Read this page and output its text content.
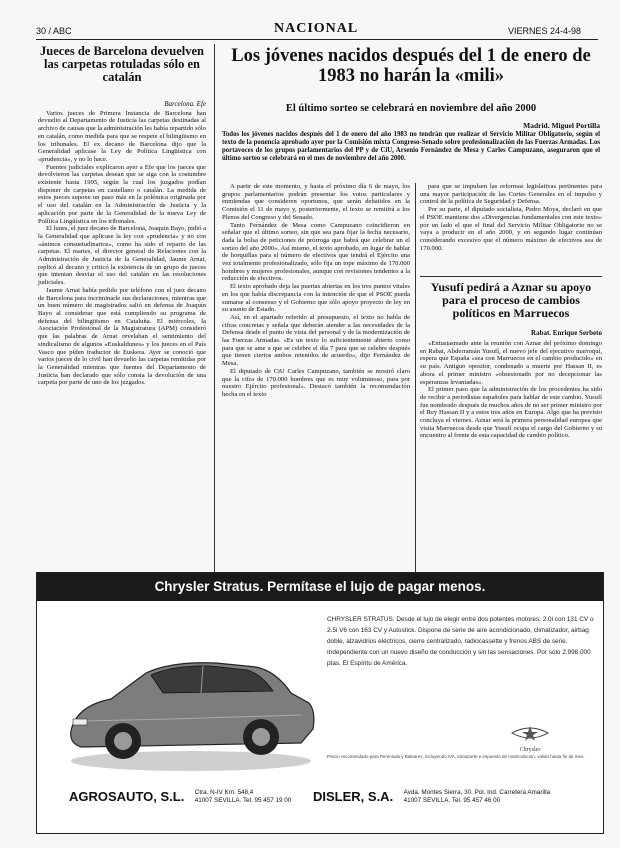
30 / ABC	NACIONAL	VIERNES 24-4-98
Jueces de Barcelona devuelven las carpetas rotuladas sólo en catalán
Barcelona. Efe

Varios jueces de Primera Instancia de Barcelona han devuelto al Departamento de Justicia las carpetas destinadas al archivo de causas que la administración les había repartido sólo en catalán, como medida para que se respete el bilingüismo en los tribunales. El ex decano de Barcelona dijo que la Generalidad aplicase la Ley de Política Lingüística con «prudencia», y no lo hace.

Fuentes judiciales explicaron ayer a Efe que los jueces que devolvieron las carpetas desean que se siga con la costumbre existente hasta 1995, según la cual los juzgados podían disponer de carpetas en castellano o catalán. La medida de estos jueces supone un paso más en la polémica originada por el uso del catalán en la Administración de Justicia y la aplicación por parte de la Generalidad de la nueva Ley de Política Lingüística en los tribunales.

El lunes, el juez decano de Barcelona, Joaquín Bayo, pidió a la Generalidad que aplicase la ley con «prudencia» y no con «ánimos consuetudinarios», como ha sido el reparto de las carpetas. El martes, el director general de Relaciones con la Administración de Justicia de la Generalidad, Jaume Arnat, replicó al decano y criticó la existencia de un grupo de jueces que intentan desviar el uso del catalán en las resoluciones judiciales.

Jaume Arnat había pedido por teléfono con el juez decano de Barcelona para incriminarle sus declaraciones, mientras que un buen número de magistrados salió en defensa de Joaquín Bayo al considerar que está cumpliendo su programa de defensa del bilingüismo en Cataluña. El miércoles, la Asociación Profesional de la Magistratura (APM) consideró que las palabras de Arnat revelaban el sentimiento del sindicalismo de algunos «Euskaldunes» y los jueces en el País Vasco que piden traductor de Euskera. Ayer se conoció que varios jueces de lo civil han devuelto las carpetas remitidas por la Generalidad mientras que fuentes del Departamento de Justicia han declarado que sólo consta la devolución de una carpeta por parte de uno de los juzgados.

Los jóvenes nacidos después del 1 de enero de 1983 no harán la «mili»
El último sorteo se celebrará en noviembre del año 2000
Madrid. Miguel Portilla
Todos los jóvenes nacidos después del 1 de enero del año 1983 no tendrán que realizar el Servicio Militar Obligatorio, según el texto de la ponencia aprobado ayer por la Comisión mixta Congreso-Senado sobre profesionalización de las Fuerzas Armadas. Los portavoces de los grupos parlamentarios del PP y de CiU, Arsenio Fernández de Mesa y Carles Campuzano, aseguraron que el último sorteo se celebrará en el mes de noviembre del año 2000.

A partir de este momento, y hasta el próximo día 6 de mayo, los grupos parlamentarios podrán presentar los votos particulares y enmiendas que consideren oportunos, que serán debatidos en la Comisión el 11 de mayo y, posteriormente, el texto se remitirá a los Plenos del Congreso y del Senado.

Tanto Fernández de Mesa como Campuzano coincidieron en señalar que el último sorteo, sin que sea para fijar la fecha necesario, dada la bolsa de peticiones de prórroga que habrá que celebrar un el sorteo del año 2000». Así mismo, el texto aprobado, en lugar de hablar de horquillas para el número de efectivos que tendrá el Ejército una vez totalmente profesionalizado, sólo fija un tope máximo de 170.000 hombres y mujeres profesionales, aunque con revisiones tendentes a la reducción de efectivos.

El texto aprobado deja las puertas abiertas en los tres puntos vitales en los que había discrepancia con la intención de que el PSOE pueda sumarse al consenso y el Gobierno que sólo apoyo proyecto de ley en su asunto de Estado.

Así, en el apartado referido al presupuesto, el texto no habla de cifras concretas y señala que deberán atender a las necesidades de la Defensa desde el punto de vista del personal y de la modernización de las Fuerzas Armadas. «Es un texto lo suficientemente abierto como para que se ame a que se celebre el día 7 para que se celebre después que tienen ciertos ambos retenidos de acuerdo», dijo Fernández de Mesa.

El diputado de CiU Carles Campuzano, también se mostró claro que la cifra de 170.000 hombres que es muy voluminoso, para por nuestro Ejército profesional». Destacó también la recomendación hecha en el texto

para que se impulsen las reformas legislativas pertinentes para una mayor participación de las Cortes Generales en el impulso y control de la política de Seguridad y Defensa.

Por su parte, el diputado socialista, Pedro Moya, declaró en que el PSOE mantiene dos «Divergencias fundamentales con este texto» por un lado el que el final del Servicio Militar Obligatorio no se vaya a producir en el año 2000, y en segundo lugar continúan considerando excesivo que el número máximo de efectivos sea de 170.000.

Yusufí pedirá a Aznar su apoyo para el proceso de cambios políticos en Marruecos
Rabat. Enrique Serbeto

«Entusiasmado ante la reunión con Aznar del próximo domingo en Rabat, Abderramán Yusufí, el nuevo jefe del ejecutivo marroquí, espera que España «sea con Marruecos en el cambio producido» en su país. Antiguo opositor, condenado a muerte por Hassan II, es abora el primer ministro «obsesionado por no decepcionar las esperanzas levantadas».

El primer paso que la administración de los procedentes ha sido de recibir a periodistas españoles para hablar de este cambio. Yusufí fue nombrado después de muchos años de no ser primer ministro por el Rey Hassan II y a estos tres años en Europa. Algo que ha previsto concluya el viernes. Aznar será la primera personalidad europea que visita Marruecos desde que Yusufí ocupa el cargo del Gobierno y su encuentro al frente de esta capacidad de cambio político.

Chrysler Stratus. Permítase el lujo de pagar menos.
CHRYSLER STRATUS. Desde el lujo de elegir entre dos potentes motores: 2.0i con 131 CV o 2.5i V6 con 163 CV y Autostick. Dispone de serie de aire acondicionado, climatizador, airbag doble, alzavidrios eléctricos, cierre centralizado, radiocassette y frenos ABS de serie. Independiente con un nuevo diseño de conducción y sin las sensaciones. Por sólo 2.998.000 ptas. El Espíritu de América.
Chrysler
Precio recomendado para Península y Baleares, incluyendo IVA, transporte e impuesto de matriculación, valido hasta fin de mes.
AGROSAUTO, S.L. Ctra. N-IV Km. 548,4
41007 SEVILLA. Tel. 95 457 19 00 DISLER, S.A. Avda. Montes Sierra, 30. Pol. Ind. Carretera Amarilla
41007 SEVILLA. Tel. 95 457 46 00
